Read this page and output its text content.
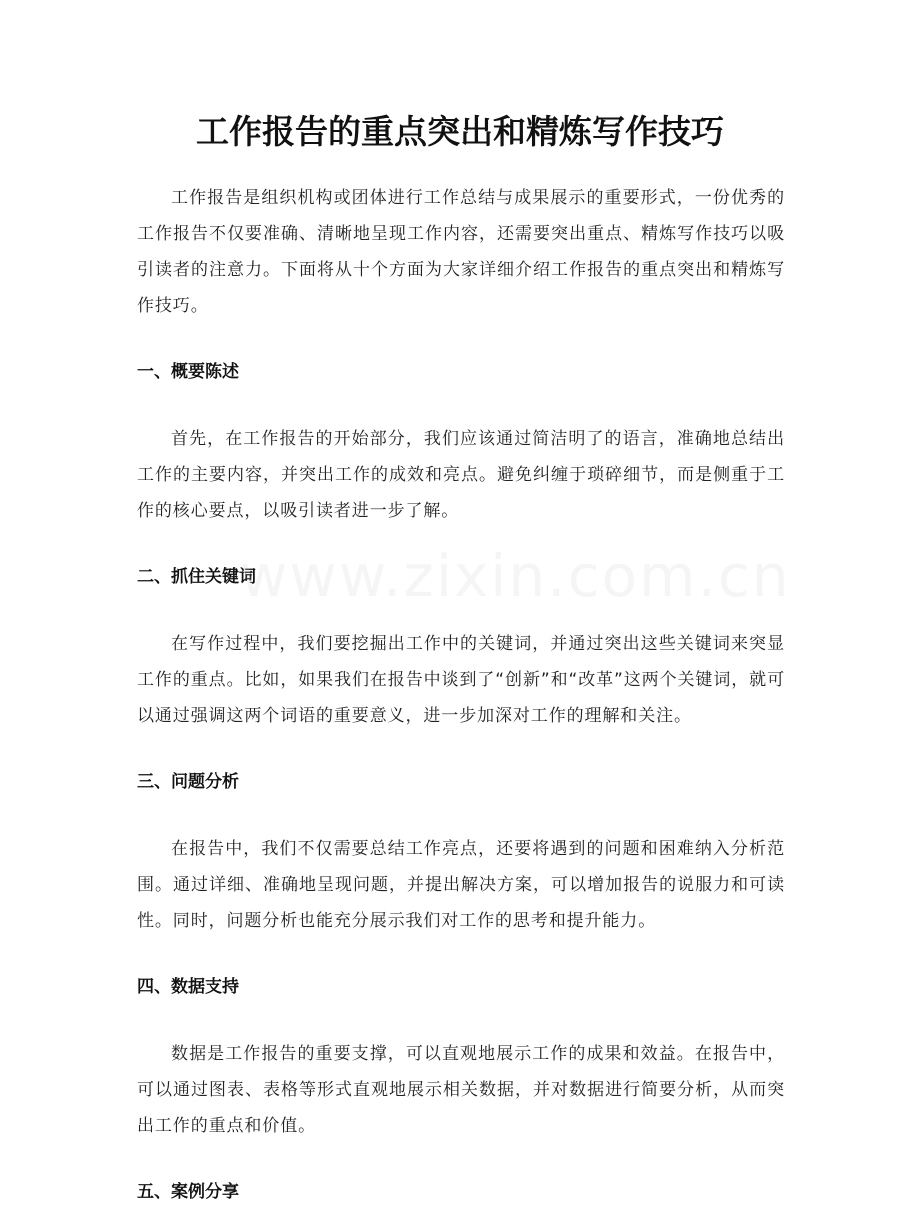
工作报告的重点突出和精炼写作技巧

工作报告是组织机构或团体进行工作总结与成果展示的重要形式，一份优秀的工作报告不仅要准确、清晰地呈现工作内容，还需要突出重点、精炼写作技巧以吸引读者的注意力。下面将从十个方面为大家详细介绍工作报告的重点突出和精炼写作技巧。

一、概要陈述

首先，在工作报告的开始部分，我们应该通过简洁明了的语言，准确地总结出工作的主要内容，并突出工作的成效和亮点。避免纠缠于琐碎细节，而是侧重于工作的核心要点，以吸引读者进一步了解。

二、抓住关键词

在写作过程中，我们要挖掘出工作中的关键词，并通过突出这些关键词来突显工作的重点。比如，如果我们在报告中谈到了“创新”和“改革”这两个关键词，就可以通过强调这两个词语的重要意义，进一步加深对工作的理解和关注。

三、问题分析

在报告中，我们不仅需要总结工作亮点，还要将遇到的问题和困难纳入分析范围。通过详细、准确地呈现问题，并提出解决方案，可以增加报告的说服力和可读性。同时，问题分析也能充分展示我们对工作的思考和提升能力。

四、数据支持

数据是工作报告的重要支撑，可以直观地展示工作的成果和效益。在报告中，可以通过图表、表格等形式直观地展示相关数据，并对数据进行简要分析，从而突出工作的重点和价值。

五、案例分享
www.zixin.com.cn
